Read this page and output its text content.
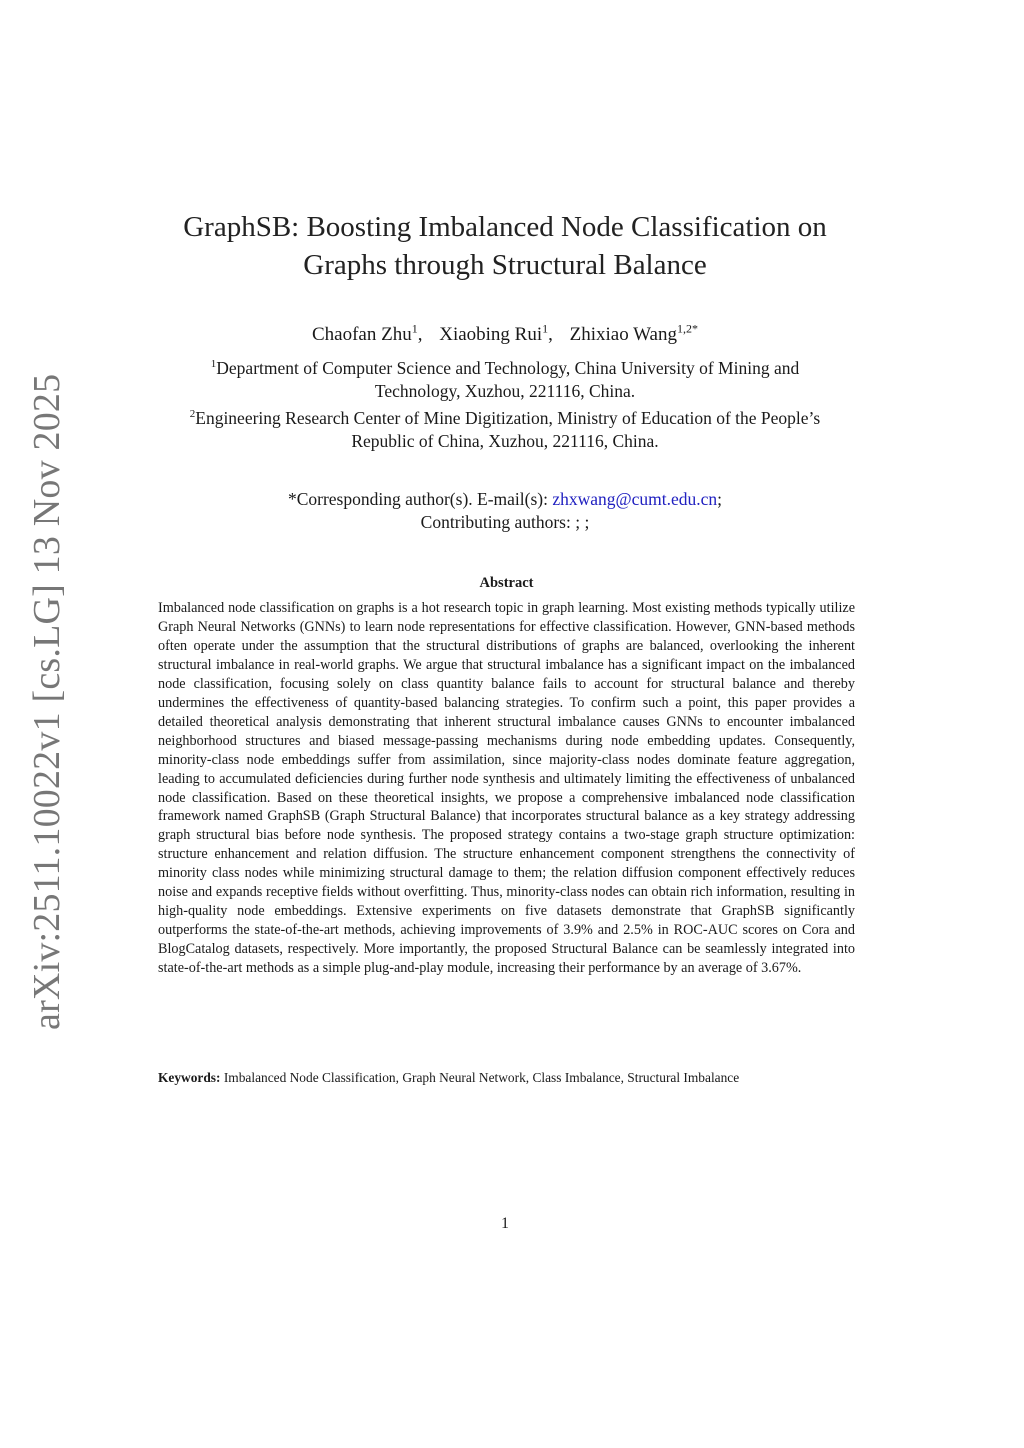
arXiv:2511.10022v1 [cs.LG] 13 Nov 2025
GraphSB: Boosting Imbalanced Node Classification on
Graphs through Structural Balance
Chaofan Zhu$^1$, Xiaobing Rui$^1$, Zhixiao Wang$^{1,2*}$
$^1$Department of Computer Science and Technology, China University of Mining and
Technology, Xuzhou, 221116, China.
$^2$Engineering Research Center of Mine Digitization, Ministry of Education of the People’s
Republic of China, Xuzhou, 221116, China.
*Corresponding author(s). E-mail(s): zhxwang@cumt.edu.cn;
Contributing authors: ; ;
Abstract
Imbalanced node classification on graphs is a hot research topic in graph learning. Most existing methods typically utilize Graph Neural Networks (GNNs) to learn node representations for effective classification. However, GNN-based methods often operate under the assumption that the structural distributions of graphs are balanced, overlooking the inherent structural imbalance in real-world graphs. We argue that structural imbalance has a significant impact on the imbalanced node classification, focusing solely on class quantity balance fails to account for structural balance and thereby undermines the effectiveness of quantity-based balancing strategies. To confirm such a point, this paper provides a detailed theoretical analysis demonstrating that inherent structural imbalance causes GNNs to encounter imbalanced neighborhood structures and biased message-passing mechanisms during node embedding updates. Consequently, minority-class node embeddings suffer from assimilation, since majority-class nodes dominate feature aggregation, leading to accumulated deficiencies during further node synthesis and ultimately limiting the effectiveness of unbalanced node classification. Based on these theoretical insights, we propose a comprehensive imbalanced node classification framework named GraphSB (Graph Structural Balance) that incorporates structural balance as a key strategy addressing graph structural bias before node synthesis. The proposed strategy contains a two-stage graph structure optimization: structure enhancement and relation diffusion. The structure enhancement component strengthens the connectivity of minority class nodes while minimizing structural damage to them; the relation diffusion component effectively reduces noise and expands receptive fields without overfitting. Thus, minority-class nodes can obtain rich information, resulting in high-quality node embeddings. Extensive experiments on five datasets demonstrate that GraphSB significantly outperforms the state-of-the-art methods, achieving improvements of 3.9% and 2.5% in ROC-AUC scores on Cora and BlogCatalog datasets, respectively. More importantly, the proposed Structural Balance can be seamlessly integrated into state-of-the-art methods as a simple plug-and-play module, increasing their performance by an average of 3.67%.
Keywords: Imbalanced Node Classification, Graph Neural Network, Class Imbalance, Structural Imbalance
1
